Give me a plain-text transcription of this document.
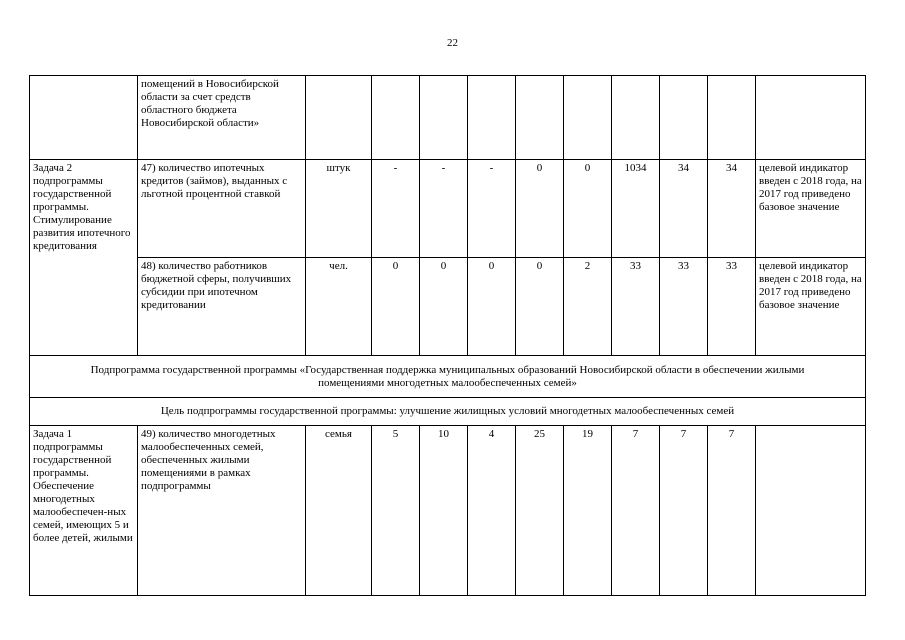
22
	помещений в Новосибирской области за счет средств областного бюджета Новосибирской области»										
Задача 2 подпрограммы государственной программы. Стимулирование развития ипотечного кредитования	47) количество ипотечных кредитов (займов), выданных с льготной процентной ставкой	штук	-	-	-	0	0	1034	34	34	целевой индикатор введен с 2018 года, на 2017 год приведено базовое значение
	48) количество работников бюджетной сферы, получивших субсидии при ипотечном кредитовании	чел.	0	0	0	0	2	33	33	33	целевой индикатор введен с 2018 года, на 2017 год приведено базовое значение
Подпрограмма государственной программы «Государственная поддержка муниципальных образований Новосибирской области в обеспечении жилыми помещениями многодетных малообеспеченных семей»											
Цель подпрограммы государственной программы: улучшение жилищных условий многодетных малообеспеченных семей											
Задача 1 подпрограммы государственной программы. Обеспечение многодетных малообеспечен-ных семей, имеющих 5 и более детей, жилыми	49) количество многодетных малообеспеченных семей, обеспеченных жилыми помещениями в рамках подпрограммы	семья	5	10	4	25	19	7	7	7	
